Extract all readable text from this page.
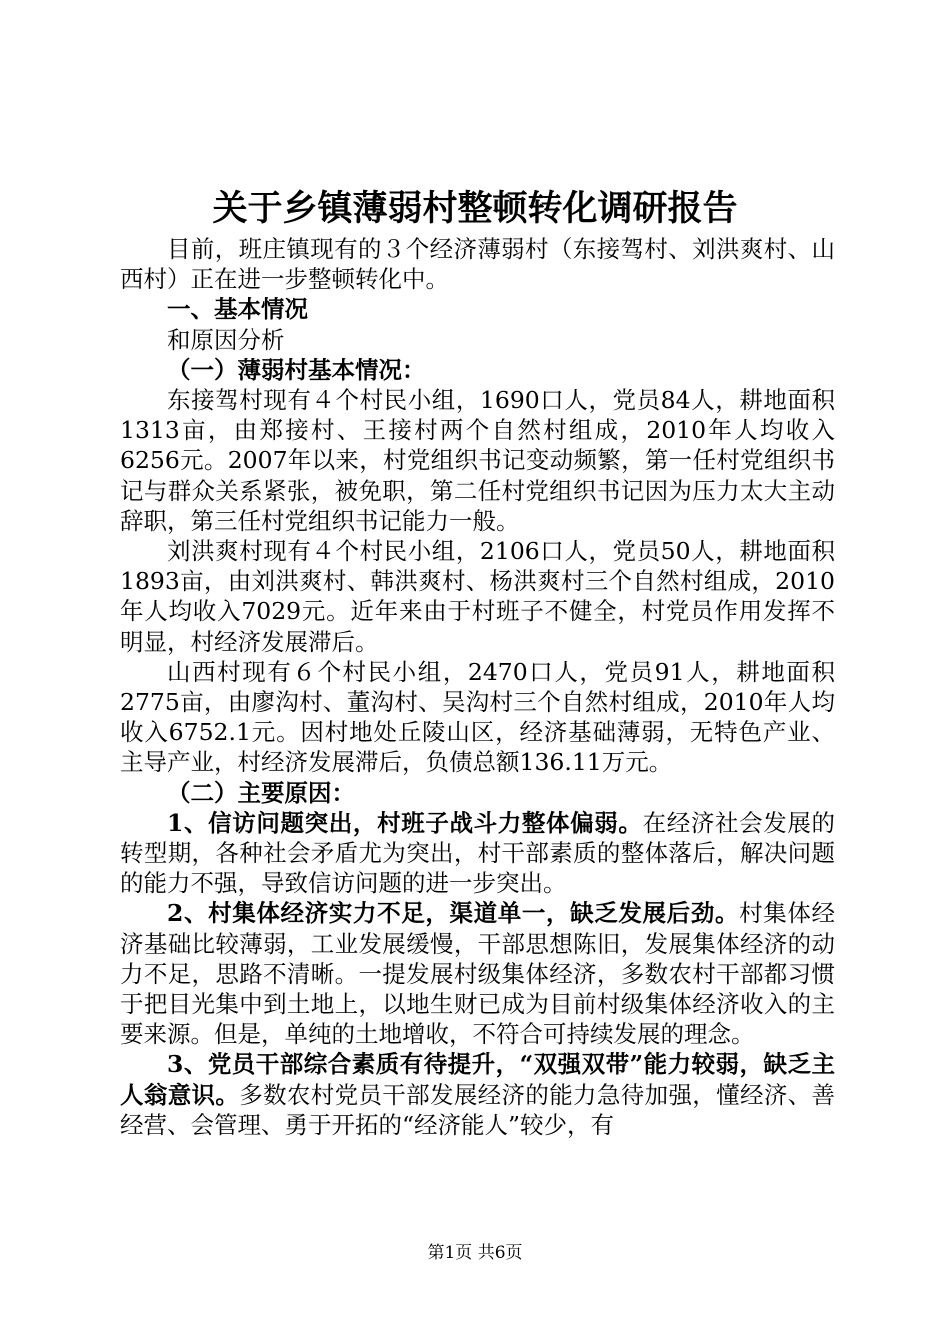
关于乡镇薄弱村整顿转化调研报告

目前，班庄镇现有的３个经济薄弱村（东接驾村、刘洪爽村、山西村）正在进一步整顿转化中。

一、基本情况

和原因分析

（一）薄弱村基本情况：

东接驾村现有４个村民小组，1690口人，党员84人，耕地面积1313亩，由郑接村、王接村两个自然村组成，2010年人均收入6256元。2007年以来，村党组织书记变动频繁，第一任村党组织书记与群众关系紧张，被免职，第二任村党组织书记因为压力太大主动辞职，第三任村党组织书记能力一般。

刘洪爽村现有４个村民小组，2106口人，党员50人，耕地面积1893亩，由刘洪爽村、韩洪爽村、杨洪爽村三个自然村组成，2010年人均收入7029元。近年来由于村班子不健全，村党员作用发挥不明显，村经济发展滞后。

山西村现有６个村民小组，2470口人，党员91人，耕地面积2775亩，由廖沟村、董沟村、吴沟村三个自然村组成，2010年人均收入6752.1元。因村地处丘陵山区，经济基础薄弱，无特色产业、主导产业，村经济发展滞后，负债总额136.11万元。

（二）主要原因：

1、信访问题突出，村班子战斗力整体偏弱。在经济社会发展的转型期，各种社会矛盾尤为突出，村干部素质的整体落后，解决问题的能力不强，导致信访问题的进一步突出。

2、村集体经济实力不足，渠道单一，缺乏发展后劲。村集体经济基础比较薄弱，工业发展缓慢，干部思想陈旧，发展集体经济的动力不足，思路不清晰。一提发展村级集体经济，多数农村干部都习惯于把目光集中到土地上，以地生财已成为目前村级集体经济收入的主要来源。但是，单纯的土地增收，不符合可持续发展的理念。

3、党员干部综合素质有待提升，“双强双带”能力较弱，缺乏主人翁意识。多数农村党员干部发展经济的能力急待加强，懂经济、善经营、会管理、勇于开拓的“经济能人”较少，有

第1页 共6页
